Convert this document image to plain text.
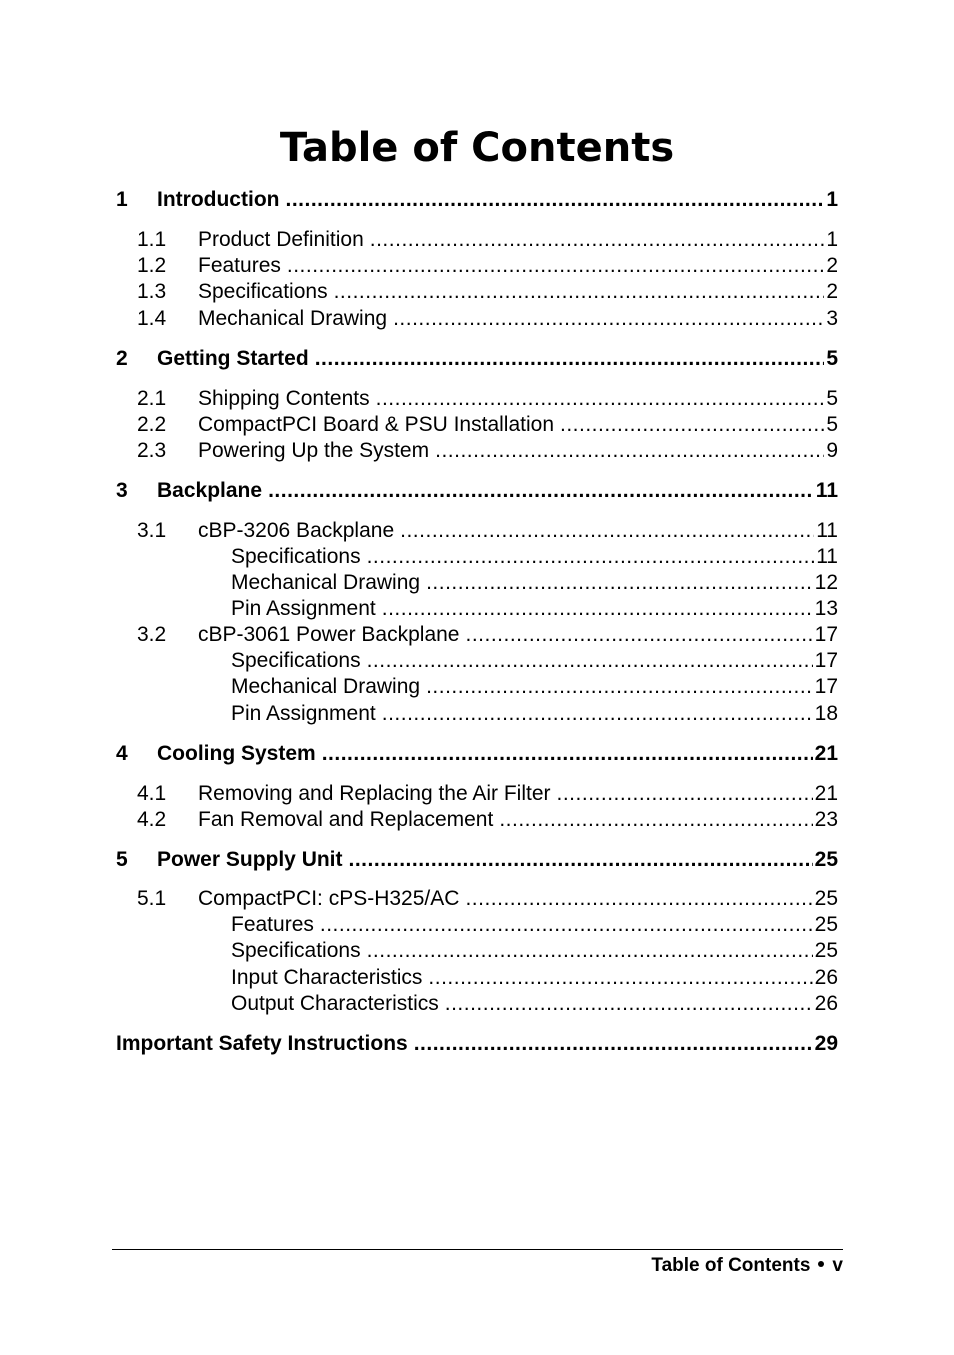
Table of Contents
1	Introduction .....	1
1.1	Product Definition .....	1
1.2	Features .....	2
1.3	Specifications .....	2
1.4	Mechanical Drawing .....	3
2	Getting Started .....	5
2.1	Shipping Contents .....	5
2.2	CompactPCI Board & PSU Installation .....	5
2.3	Powering Up the System .....	9
3	Backplane .....	11
3.1	cBP-3206 Backplane .....	11
Specifications .....	11
Mechanical Drawing .....	12
Pin Assignment .....	13
3.2	cBP-3061 Power Backplane .....	17
Specifications .....	17
Mechanical Drawing .....	17
Pin Assignment .....	18
4	Cooling System .....	21
4.1	Removing and Replacing the Air Filter .....	21
4.2	Fan Removal and Replacement .....	23
5	Power Supply Unit .....	25
5.1	CompactPCI: cPS-H325/AC .....	25
Features .....	25
Specifications .....	25
Input Characteristics .....	26
Output Characteristics .....	26
Important Safety Instructions .....	29
Table of Contents v
